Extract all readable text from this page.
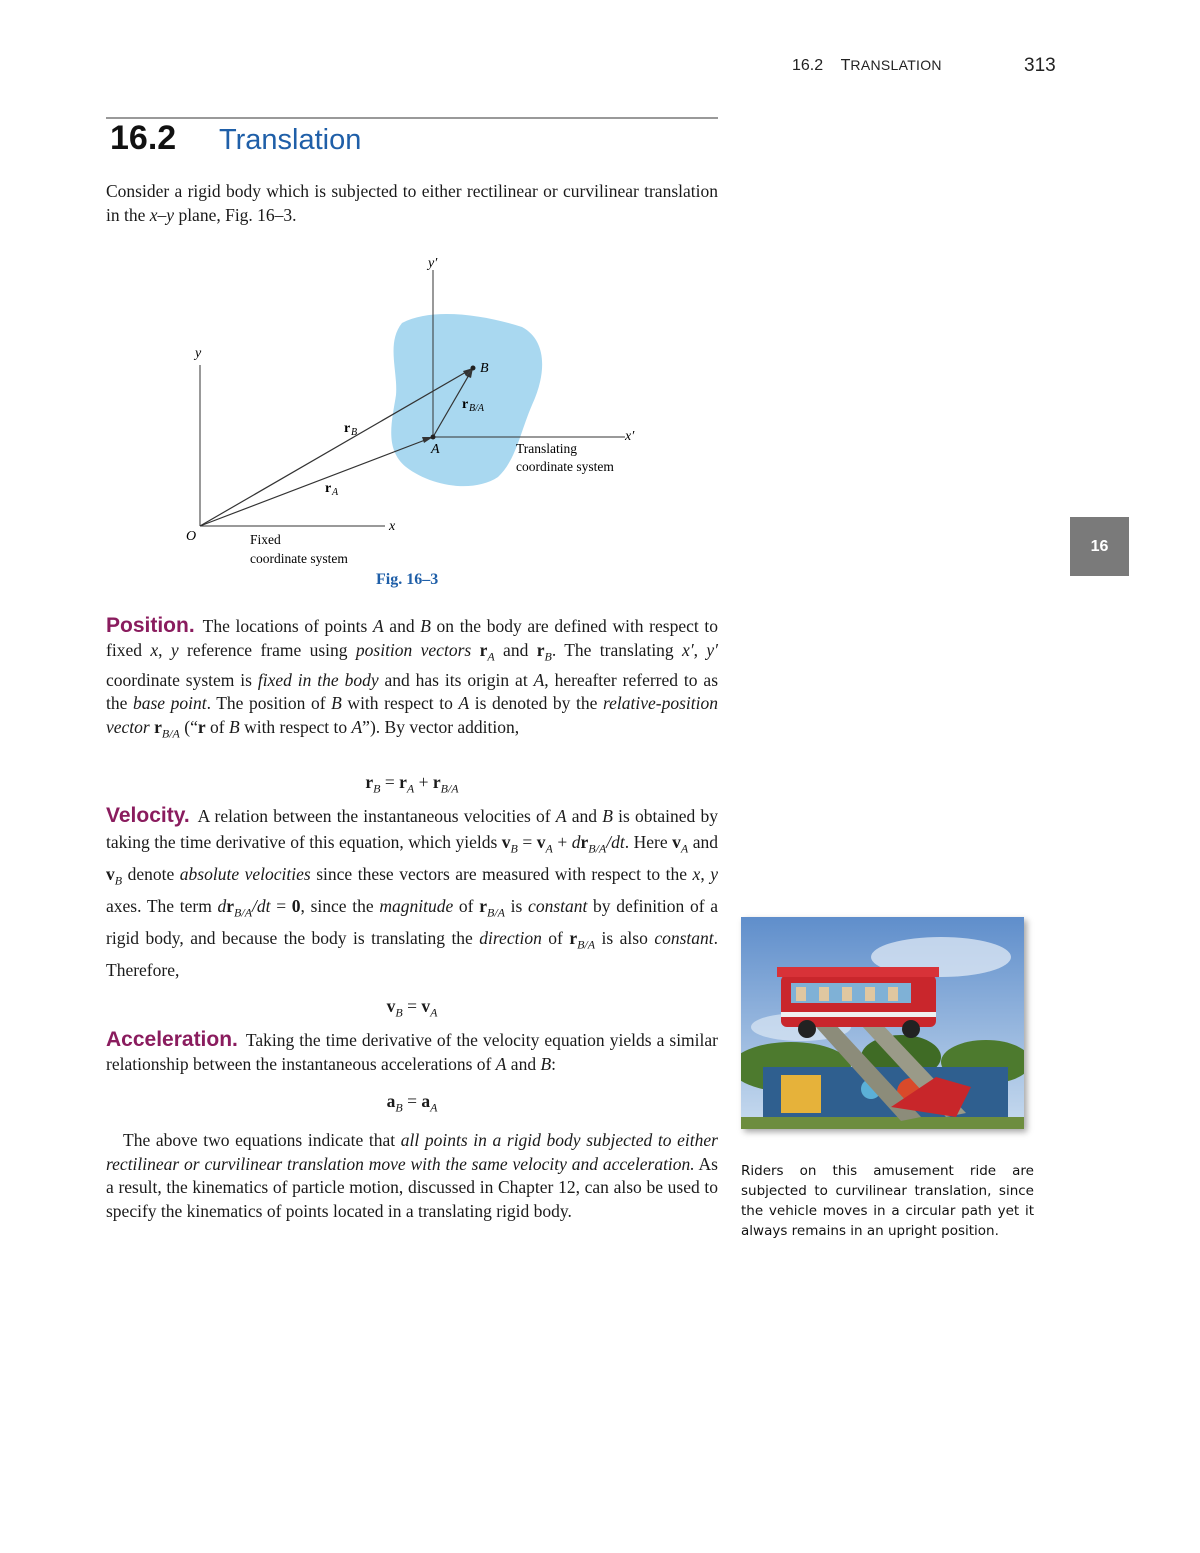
16.2 TRANSLATION	313
16.2 Translation
Consider a rigid body which is subjected to either rectilinear or curvilinear translation in the x–y plane, Fig. 16–3.
y′
y
x
x′
O
A
B
r B
r A
r B/A
Translating
coordinate system
Fixed
coordinate system
Fig. 16–3
Position. The locations of points A and B on the body are defined with respect to fixed x, y reference frame using position vectors $r_A$ and $r_B$. The translating x′, y′ coordinate system is fixed in the body and has its origin at A, hereafter referred to as the base point. The position of B with respect to A is denoted by the relative-position vector $r_{B/A}$ (“r of B with respect to A”). By vector addition,
$r_B = r_A + r_{B/A}$
Velocity. A relation between the instantaneous velocities of A and B is obtained by taking the time derivative of this equation, which yields $v_B = v_A + dr_{B/A}/dt$. Here $v_A$ and $v_B$ denote absolute velocities since these vectors are measured with respect to the x, y axes. The term $dr_{B/A}/dt = 0$, since the magnitude of $r_{B/A}$ is constant by definition of a rigid body, and because the body is translating the direction of $r_{B/A}$ is also constant. Therefore,
$v_B = v_A$
Acceleration. Taking the time derivative of the velocity equation yields a similar relationship between the instantaneous accelerations of A and B:
$a_B = a_A$
The above two equations indicate that all points in a rigid body subjected to either rectilinear or curvilinear translation move with the same velocity and acceleration. As a result, the kinematics of particle motion, discussed in Chapter 12, can also be used to specify the kinematics of points located in a translating rigid body.
16
Riders on this amusement ride are subjected to curvilinear translation, since the vehicle moves in a circular path yet it always remains in an upright position.
